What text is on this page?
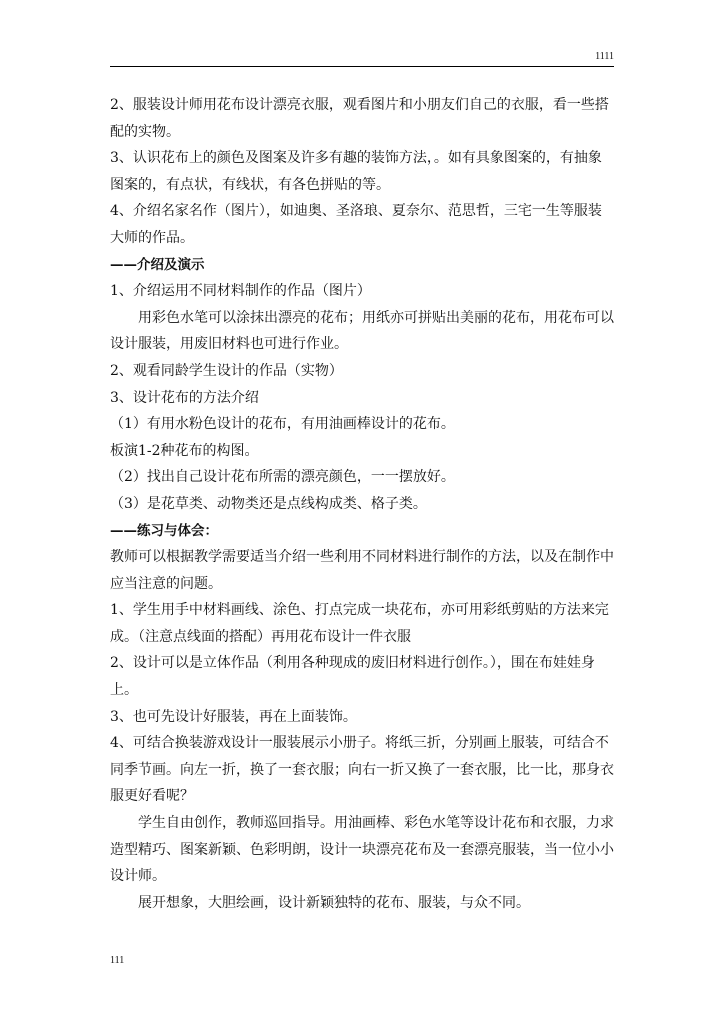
1111

2、服装设计师用花布设计漂亮衣服，观看图片和小朋友们自己的衣服，看一些搭配的实物。

3、认识花布上的颜色及图案及许多有趣的装饰方法，。如有具象图案的，有抽象图案的，有点状，有线状，有各色拼贴的等。

4、介绍名家名作（图片），如迪奥、圣洛琅、夏奈尔、范思哲，三宅一生等服装大师的作品。

——介绍及演示

1、介绍运用不同材料制作的作品（图片）

用彩色水笔可以涂抹出漂亮的花布；用纸亦可拼贴出美丽的花布，用花布可以设计服装，用废旧材料也可进行作业。

2、观看同龄学生设计的作品（实物）

3、设计花布的方法介绍

（1）有用水粉色设计的花布，有用油画棒设计的花布。

板演1-2种花布的构图。

（2）找出自己设计花布所需的漂亮颜色，一一摆放好。

（3）是花草类、动物类还是点线构成类、格子类。

——练习与体会：

教师可以根据教学需要适当介绍一些利用不同材料进行制作的方法，以及在制作中应当注意的问题。

1、学生用手中材料画线、涂色、打点完成一块花布，亦可用彩纸剪贴的方法来完成。（注意点线面的搭配）再用花布设计一件衣服

2、设计可以是立体作品（利用各种现成的废旧材料进行创作。），围在布娃娃身上。

3、也可先设计好服装，再在上面装饰。

4、可结合换装游戏设计一服装展示小册子。将纸三折，分别画上服装，可结合不同季节画。向左一折，换了一套衣服；向右一折又换了一套衣服，比一比，那身衣服更好看呢？

学生自由创作，教师巡回指导。用油画棒、彩色水笔等设计花布和衣服，力求造型精巧、图案新颖、色彩明朗，设计一块漂亮花布及一套漂亮服装，当一位小小设计师。

展开想象，大胆绘画，设计新颖独特的花布、服装，与众不同。

111
